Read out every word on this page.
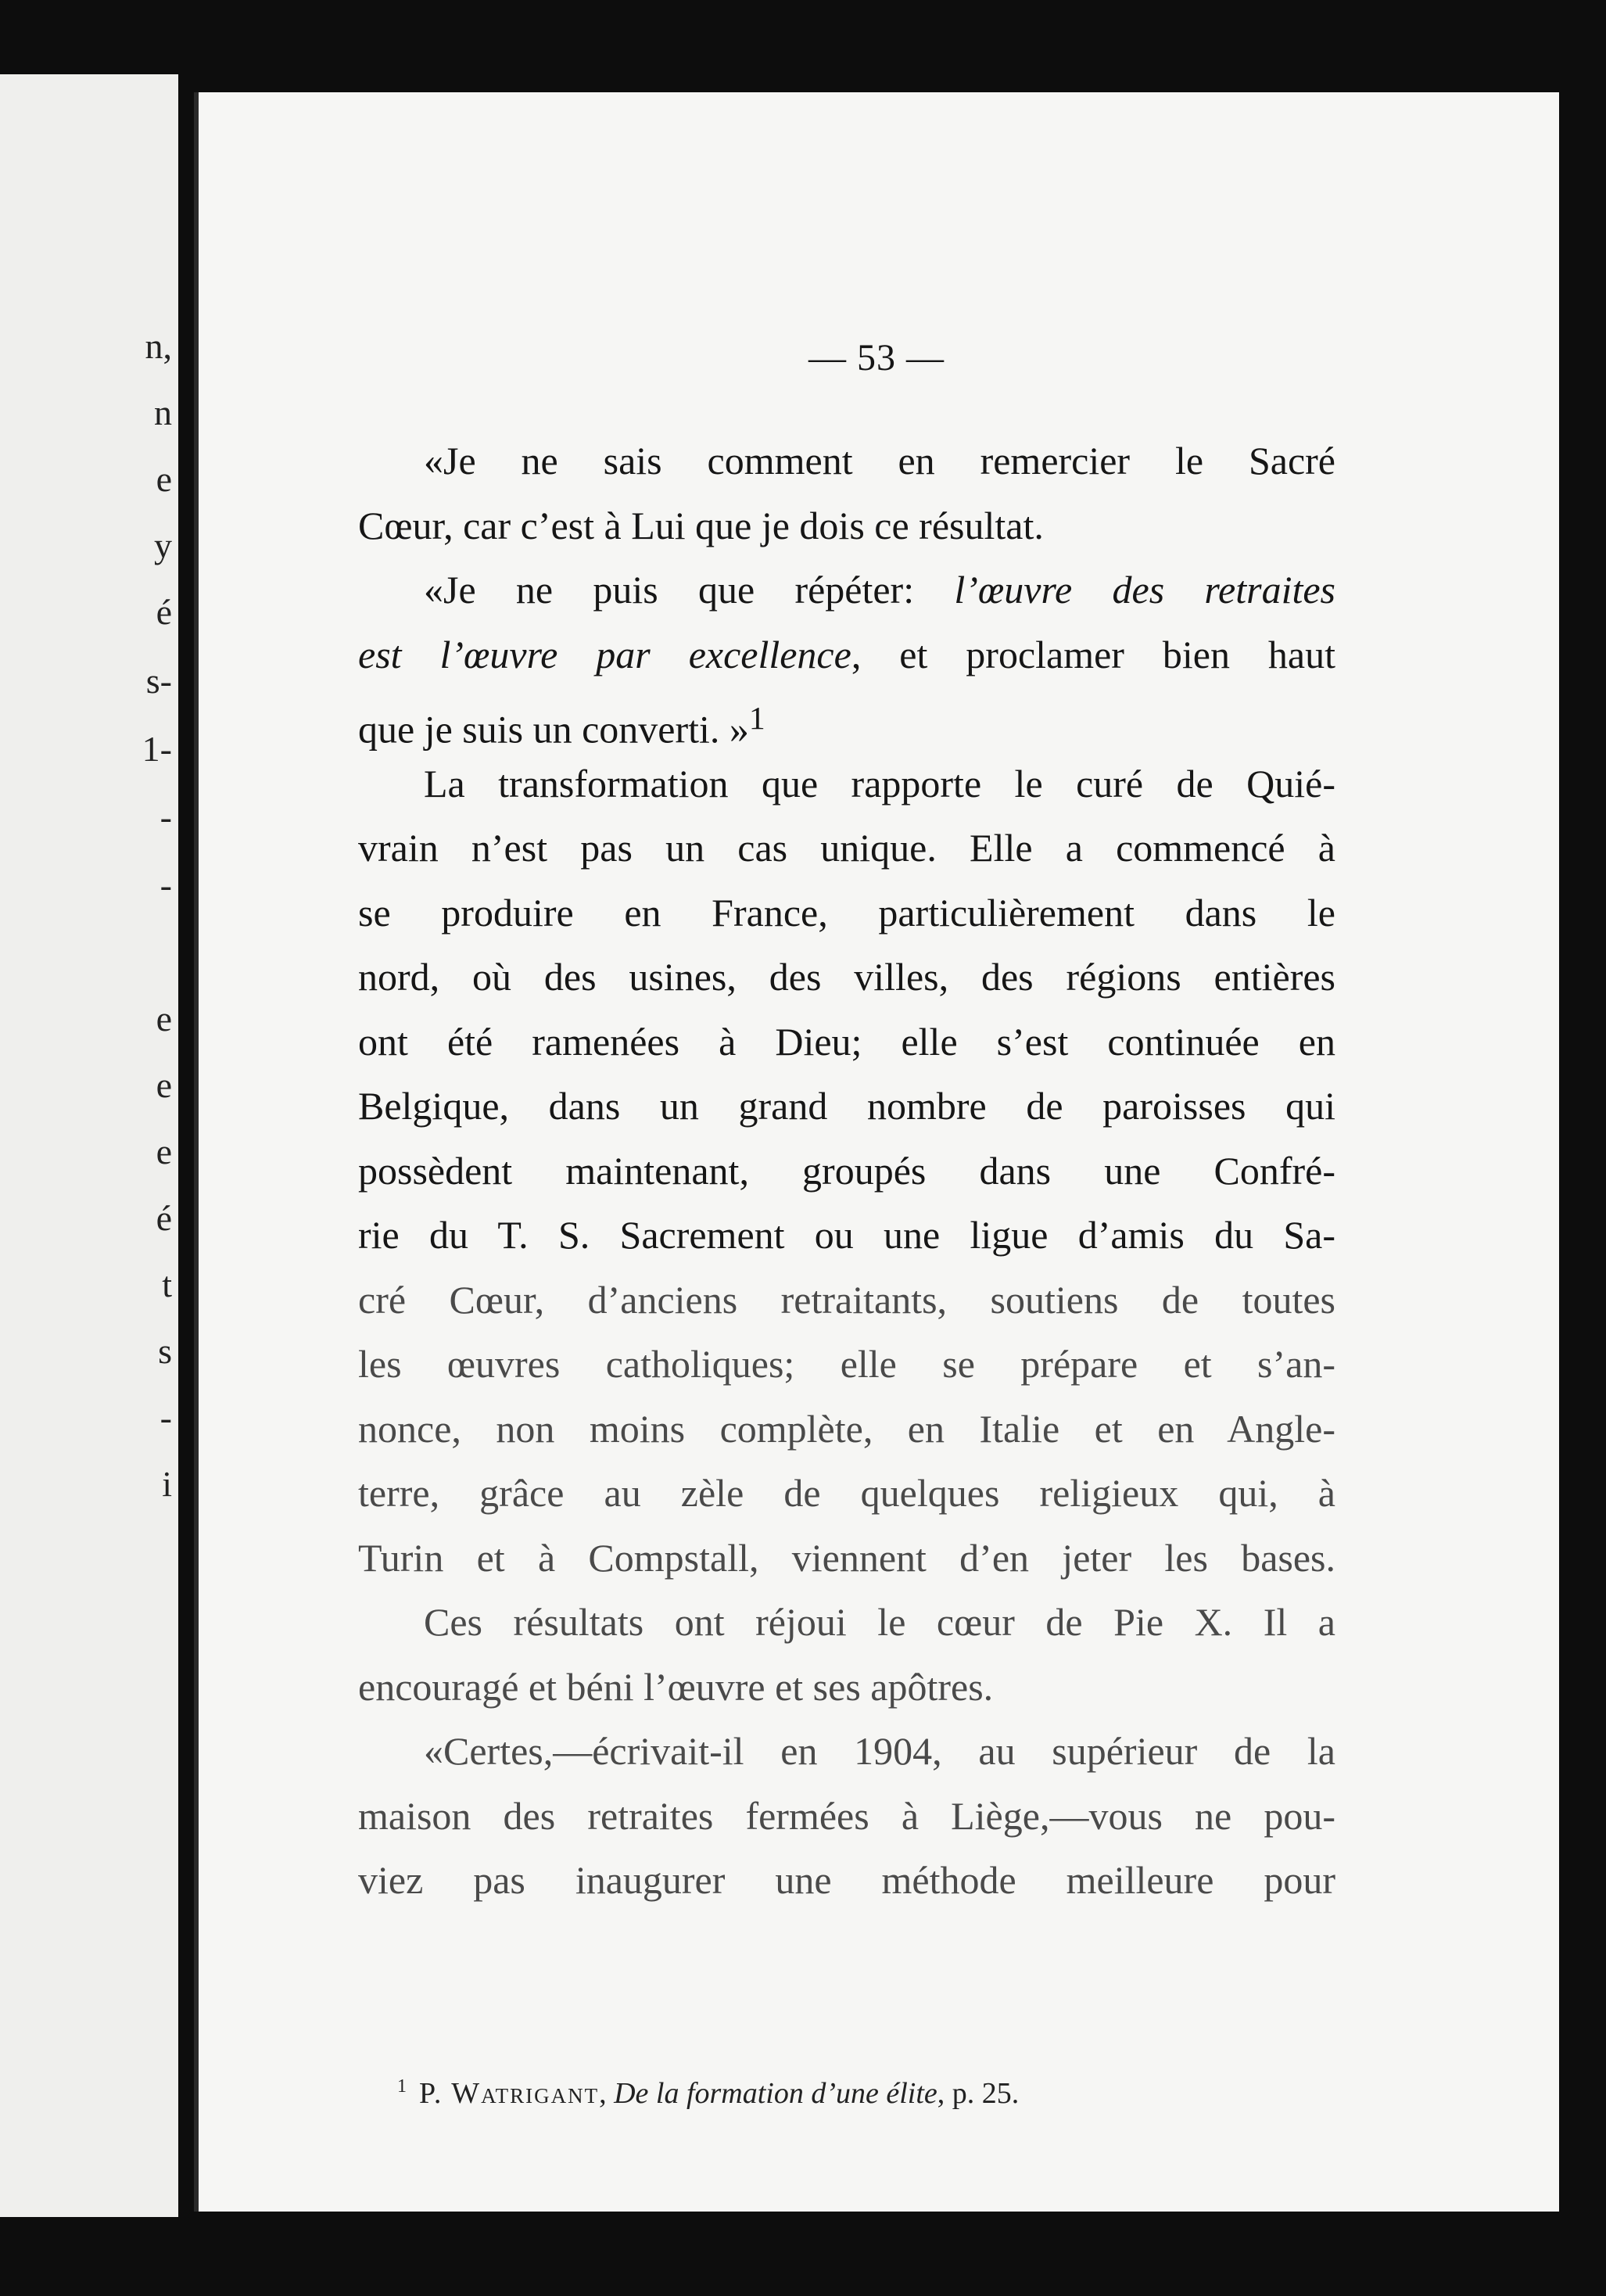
n,
n
e
y
é
s-
1-
-
-
e
e
e
é
t
s
-
i
— 53 —
«Je ne sais comment en remercier le Sacré
Cœur, car c’est à Lui que je dois ce résultat.
«Je ne puis que répéter: l’œuvre des retraites
est l’œuvre par excellence, et proclamer bien haut
que je suis un converti. »$^1$
La transformation que rapporte le curé de Quié-
vrain n’est pas un cas unique. Elle a commencé à
se produire en France, particulièrement dans le
nord, où des usines, des villes, des régions entières
ont été ramenées à Dieu; elle s’est continuée en
Belgique, dans un grand nombre de paroisses qui
possèdent maintenant, groupés dans une Confré-
rie du T. S. Sacrement ou une ligue d’amis du Sa-
cré Cœur, d’anciens retraitants, soutiens de toutes
les œuvres catholiques; elle se prépare et s’an-
nonce, non moins complète, en Italie et en Angle-
terre, grâce au zèle de quelques religieux qui, à
Turin et à Compstall, viennent d’en jeter les bases.
Ces résultats ont réjoui le cœur de Pie X. Il a
encouragé et béni l’œuvre et ses apôtres.
«Certes,—écrivait-il en 1904, au supérieur de la
maison des retraites fermées à Liège,—vous ne pou-
viez pas inaugurer une méthode meilleure pour
$^1$ P. Watrigant, De la formation d’une élite, p. 25.
